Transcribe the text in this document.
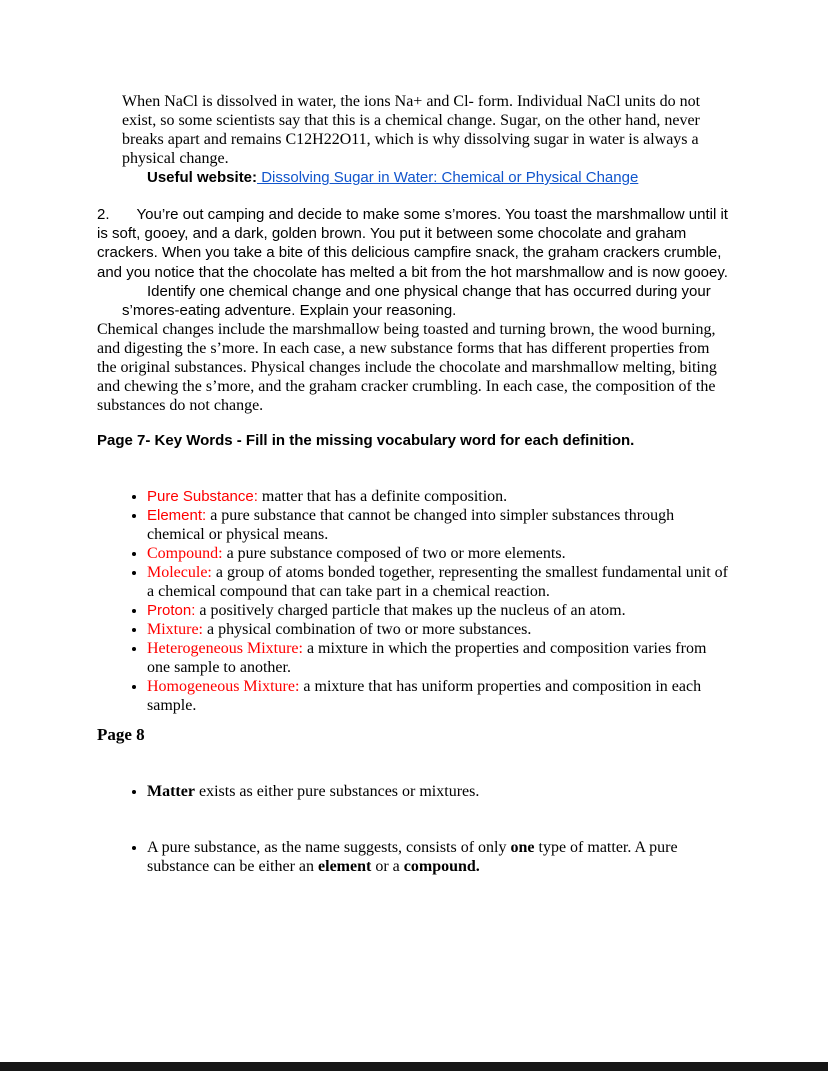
When NaCl is dissolved in water, the ions Na+ and Cl- form. Individual NaCl units do not exist, so some scientists say that this is a chemical change. Sugar, on the other hand, never breaks apart and remains C12H22O11, which is why dissolving sugar in water is always a physical change.

Useful website: Dissolving Sugar in Water: Chemical or Physical Change

2. You’re out camping and decide to make some s’mores. You toast the marshmallow until it is soft, gooey, and a dark, golden brown. You put it between some chocolate and graham crackers. When you take a bite of this delicious campfire snack, the graham crackers crumble, and you notice that the chocolate has melted a bit from the hot marshmallow and is now gooey.

Identify one chemical change and one physical change that has occurred during your s’mores-eating adventure. Explain your reasoning.

Chemical changes include the marshmallow being toasted and turning brown, the wood burning, and digesting the s’more. In each case, a new substance forms that has different properties from the original substances. Physical changes include the chocolate and marshmallow melting, biting and chewing the s’more, and the graham cracker crumbling. In each case, the composition of the substances do not change.

Page 7- Key Words - Fill in the missing vocabulary word for each definition.

• Pure Substance: matter that has a definite composition.
• Element: a pure substance that cannot be changed into simpler substances through chemical or physical means.
• Compound: a pure substance composed of two or more elements.
• Molecule: a group of atoms bonded together, representing the smallest fundamental unit of a chemical compound that can take part in a chemical reaction.
• Proton: a positively charged particle that makes up the nucleus of an atom.
• Mixture: a physical combination of two or more substances.
• Heterogeneous Mixture: a mixture in which the properties and composition varies from one sample to another.
• Homogeneous Mixture: a mixture that has uniform properties and composition in each sample.

Page 8

• Matter exists as either pure substances or mixtures.
• A pure substance, as the name suggests, consists of only one type of matter. A pure substance can be either an element or a compound.
